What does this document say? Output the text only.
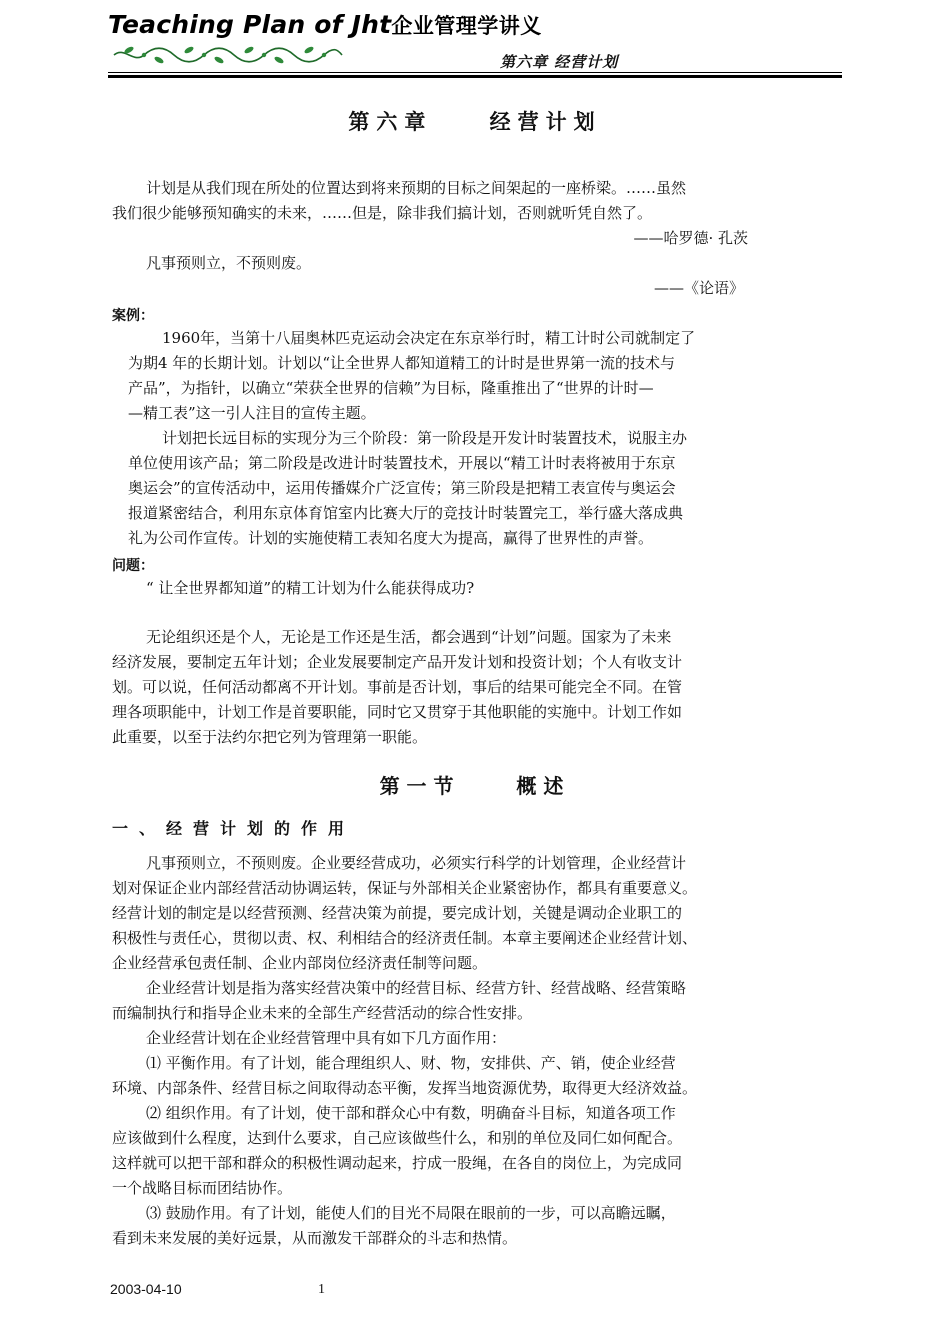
Teaching Plan of Jht企业管理学讲义
第六章 经营计划
第六章    经营计划
计划是从我们现在所处的位置达到将来预期的目标之间架起的一座桥梁。……虽然
我们很少能够预知确实的未来，……但是，除非我们搞计划，否则就听凭自然了。
——哈罗德· 孔茨
凡事预则立，不预则废。
——《论语》
案例：
1960年，当第十八届奥林匹克运动会决定在东京举行时，精工计时公司就制定了
为期4 年的长期计划。计划以“让全世界人都知道精工的计时是世界第一流的技术与
产品”，为指针，以确立“荣获全世界的信赖”为目标，隆重推出了“世界的计时—
—精工表”这一引人注目的宣传主题。
计划把长远目标的实现分为三个阶段：第一阶段是开发计时装置技术，说服主办
单位使用该产品；第二阶段是改进计时装置技术，开展以“精工计时表将被用于东京
奥运会”的宣传活动中，运用传播媒介广泛宣传；第三阶段是把精工表宣传与奥运会
报道紧密结合，利用东京体育馆室内比赛大厅的竞技计时装置完工，举行盛大落成典
礼为公司作宣传。计划的实施使精工表知名度大为提高，赢得了世界性的声誉。
问题：
“ 让全世界都知道”的精工计划为什么能获得成功?
无论组织还是个人，无论是工作还是生活，都会遇到“计划”问题。国家为了未来
经济发展，要制定五年计划；企业发展要制定产品开发计划和投资计划；个人有收支计
划。可以说，任何活动都离不开计划。事前是否计划，事后的结果可能完全不同。在管
理各项职能中，计划工作是首要职能，同时它又贯穿于其他职能的实施中。计划工作如
此重要，以至于法约尔把它列为管理第一职能。
第一节    概述
一、经营计划的作用
凡事预则立，不预则废。企业要经营成功，必须实行科学的计划管理，企业经营计
划对保证企业内部经营活动协调运转，保证与外部相关企业紧密协作，都具有重要意义。
经营计划的制定是以经营预测、经营决策为前提，要完成计划，关键是调动企业职工的
积极性与责任心，贯彻以责、权、利相结合的经济责任制。本章主要阐述企业经营计划、
企业经营承包责任制、企业内部岗位经济责任制等问题。
企业经营计划是指为落实经营决策中的经营目标、经营方针、经营战略、经营策略
而编制执行和指导企业未来的全部生产经营活动的综合性安排。
企业经营计划在企业经营管理中具有如下几方面作用：
⑴ 平衡作用。有了计划，能合理组织人、财、物，安排供、产、销，使企业经营
环境、内部条件、经营目标之间取得动态平衡，发挥当地资源优势，取得更大经济效益。
⑵ 组织作用。有了计划，使干部和群众心中有数，明确奋斗目标，知道各项工作
应该做到什么程度，达到什么要求，自己应该做些什么，和别的单位及同仁如何配合。
这样就可以把干部和群众的积极性调动起来，拧成一股绳，在各自的岗位上，为完成同
一个战略目标而团结协作。
⑶ 鼓励作用。有了计划，能使人们的目光不局限在眼前的一步，可以高瞻远瞩，
看到未来发展的美好远景，从而激发干部群众的斗志和热情。
2003-04-10	1
